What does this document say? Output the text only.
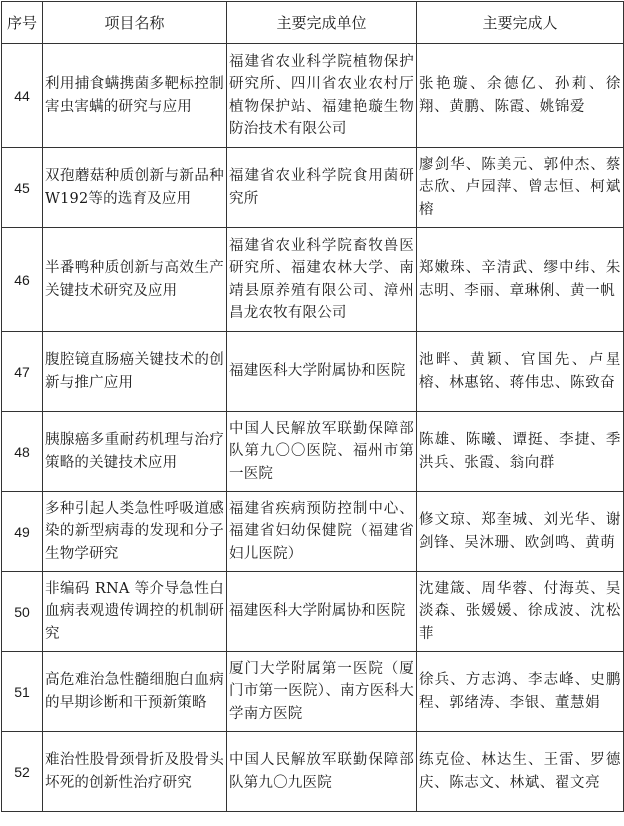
序号	项目名称	主要完成单位	主要完成人
44	利用捕食螨携菌多靶标控制害虫害螨的研究与应用	福建省农业科学院植物保护研究所、四川省农业农村厅植物保护站、福建艳璇生物防治技术有限公司	张艳璇、余德亿、孙莉、徐翔、黄鹏、陈霞、姚锦爱
45	双孢蘑菇种质创新与新品种W192等的选育及应用	福建省农业科学院食用菌研究所	廖剑华、陈美元、郭仲杰、蔡志欣、卢园萍、曾志恒、柯斌榕
46	半番鸭种质创新与高效生产关键技术研究及应用	福建省农业科学院畜牧兽医研究所、福建农林大学、南靖县原养殖有限公司、漳州昌龙农牧有限公司	郑嫩珠、辛清武、缪中纬、朱志明、李丽、章琳俐、黄一帆
47	腹腔镜直肠癌关键技术的创新与推广应用	福建医科大学附属协和医院	池畔、黄颖、官国先、卢星榕、林惠铭、蒋伟忠、陈致奋
48	胰腺癌多重耐药机理与治疗策略的关键技术应用	中国人民解放军联勤保障部队第九〇〇医院、福州市第一医院	陈雄、陈曦、谭挺、李捷、季洪兵、张霞、翁向群
49	多种引起人类急性呼吸道感染的新型病毒的发现和分子生物学研究	福建省疾病预防控制中心、福建省妇幼保健院（福建省妇儿医院）	修文琼、郑奎城、刘光华、谢剑锋、吴沐珊、欧剑鸣、黄萌
50	非编码 RNA 等介导急性白血病表观遗传调控的机制研究	福建医科大学附属协和医院	沈建箴、周华蓉、付海英、吴淡森、张媛媛、徐成波、沈松菲
51	高危难治急性髓细胞白血病的早期诊断和干预新策略	厦门大学附属第一医院（厦门市第一医院）、南方医科大学南方医院	徐兵、方志鸿、李志峰、史鹏程、郭绪涛、李银、董慧娟
52	难治性股骨颈骨折及股骨头坏死的创新性治疗研究	中国人民解放军联勤保障部队第九〇九医院	练克俭、林达生、王雷、罗德庆、陈志文、林斌、翟文亮
